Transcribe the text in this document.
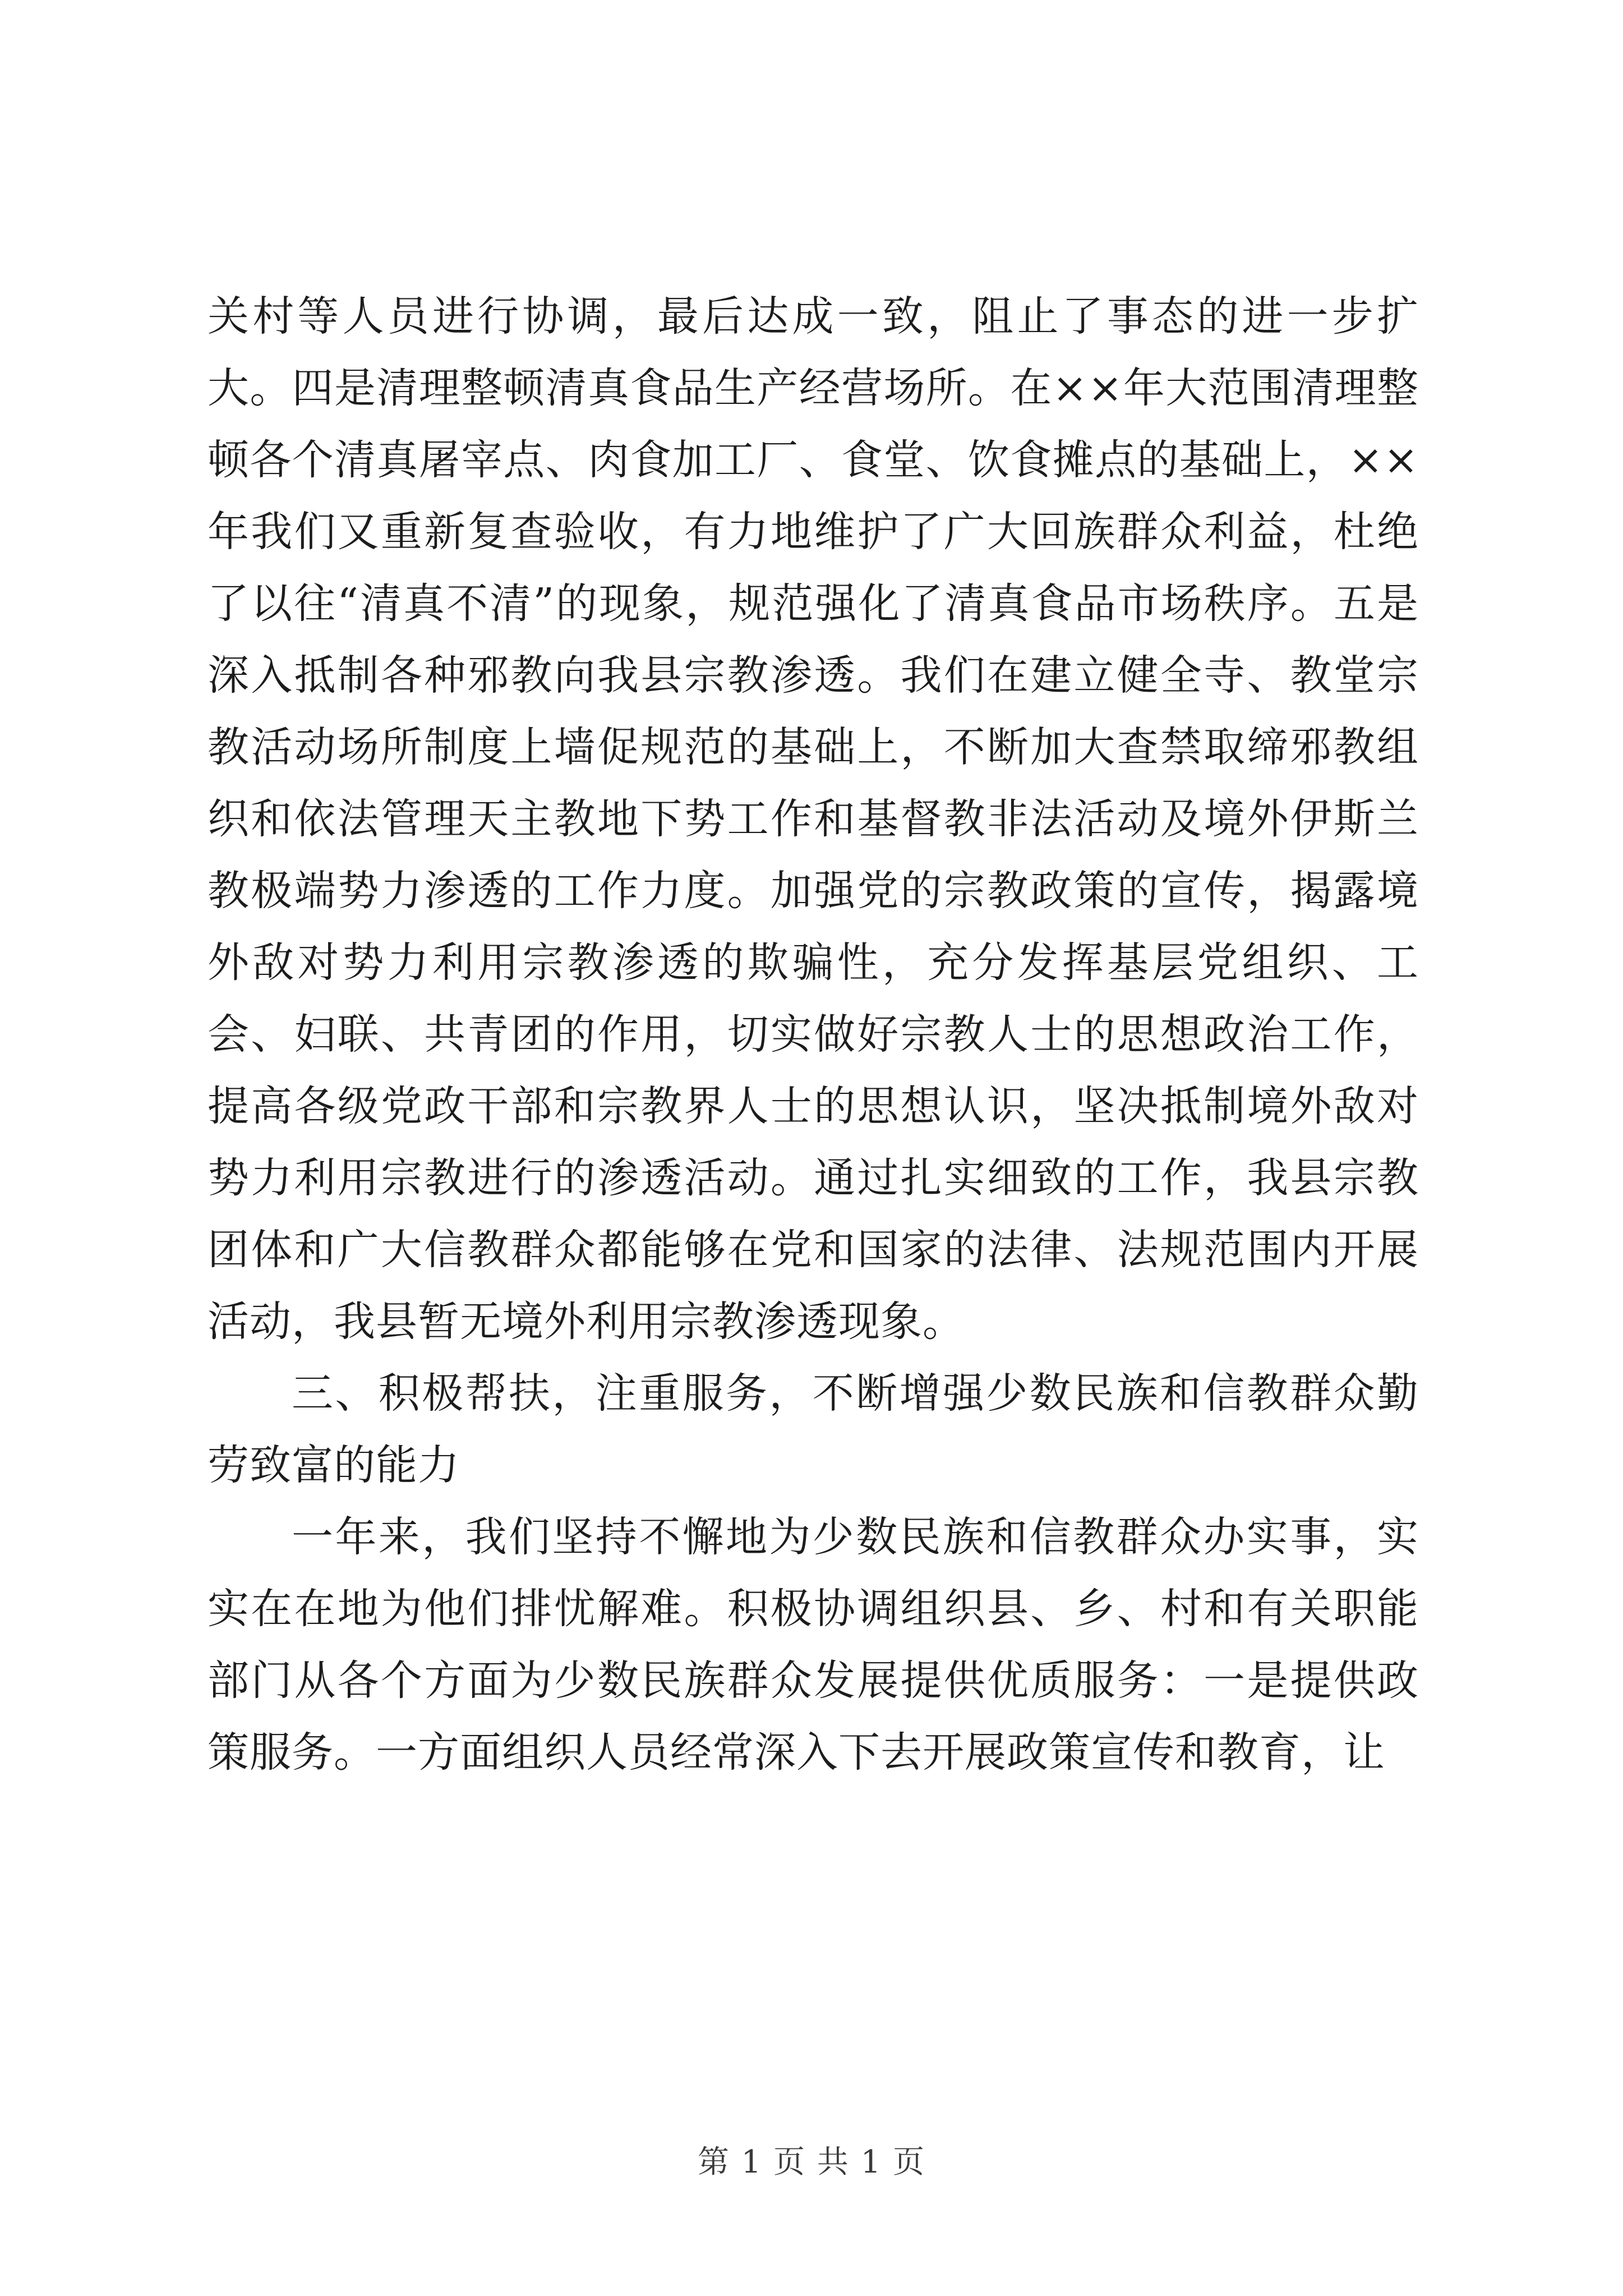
关村等人员进行协调，最后达成一致，阻止了事态的进一步扩大。四是清理整顿清真食品生产经营场所。在××年大范围清理整顿各个清真屠宰点、肉食加工厂、食堂、饮食摊点的基础上，××年我们又重新复查验收，有力地维护了广大回族群众利益，杜绝了以往“清真不清”的现象，规范强化了清真食品市场秩序。五是深入抵制各种邪教向我县宗教渗透。我们在建立健全寺、教堂宗教活动场所制度上墙促规范的基础上，不断加大查禁取缔邪教组织和依法管理天主教地下势工作和基督教非法活动及境外伊斯兰教极端势力渗透的工作力度。加强党的宗教政策的宣传，揭露境外敌对势力利用宗教渗透的欺骗性，充分发挥基层党组织、工会、妇联、共青团的作用，切实做好宗教人士的思想政治工作，提高各级党政干部和宗教界人士的思想认识，坚决抵制境外敌对势力利用宗教进行的渗透活动。通过扎实细致的工作，我县宗教团体和广大信教群众都能够在党和国家的法律、法规范围内开展活动，我县暂无境外利用宗教渗透现象。

三、积极帮扶，注重服务，不断增强少数民族和信教群众勤劳致富的能力

一年来，我们坚持不懈地为少数民族和信教群众办实事，实实在在地为他们排忧解难。积极协调组织县、乡、村和有关职能部门从各个方面为少数民族群众发展提供优质服务：一是提供政策服务。一方面组织人员经常深入下去开展政策宣传和教育，让

第 1 页 共 1 页
